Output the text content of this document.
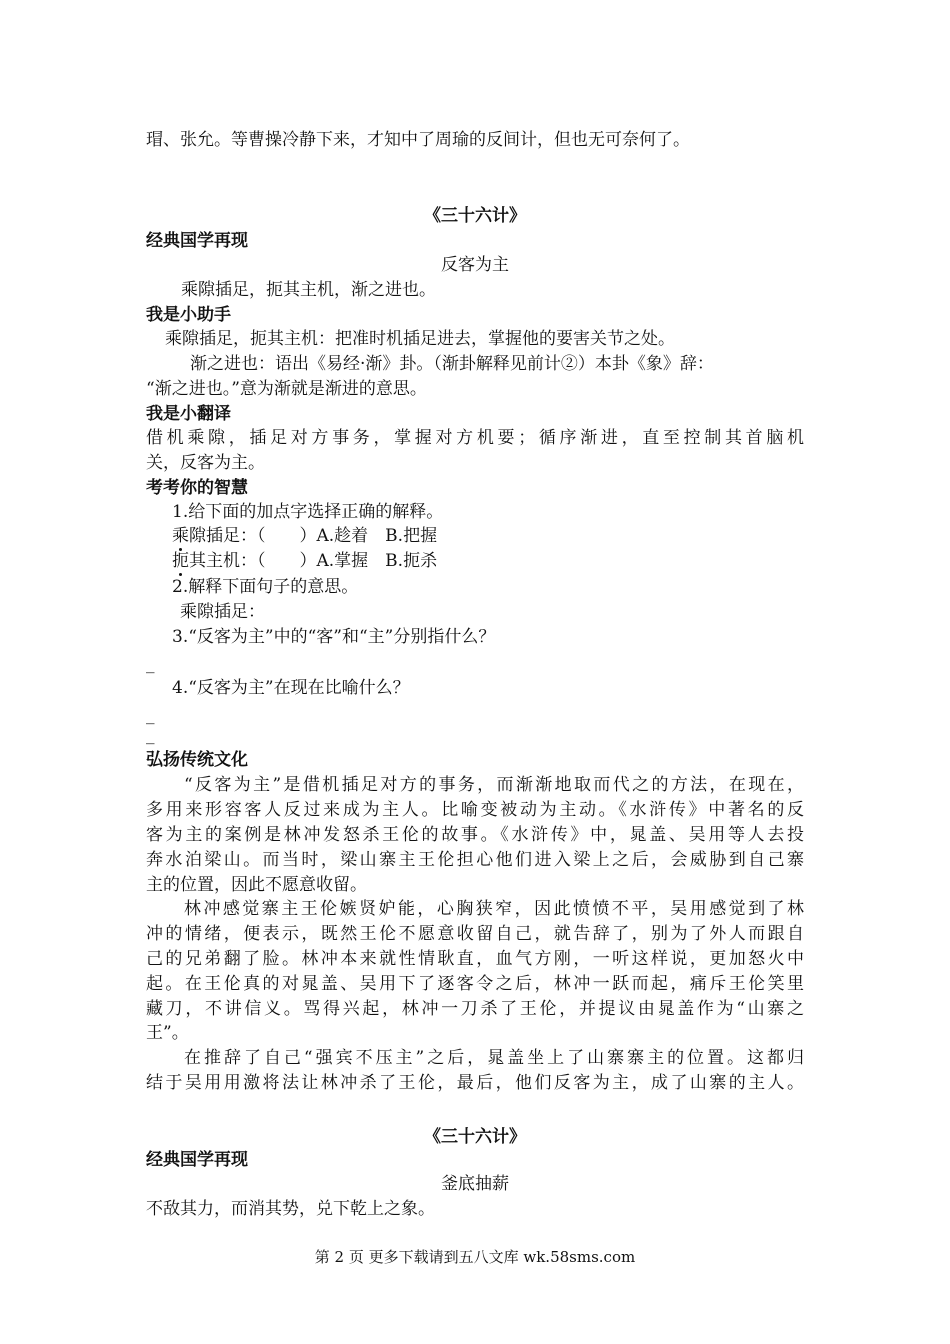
瑁、张允。等曹操冷静下来，才知中了周瑜的反间计，但也无可奈何了。
《三十六计》
经典国学再现
反客为主
乘隙插足，扼其主机，渐之进也。
我是小助手
乘隙插足，扼其主机：把准时机插足进去，掌握他的要害关节之处。
渐之进也：语出《易经·渐》卦。（渐卦解释见前计②）本卦《象》辞：
“渐之进也。”意为渐就是渐进的意思。
我是小翻译
借机乘隙，插足对方事务，掌握对方机要；循序渐进，直至控制其首脑机
关，反客为主。
考考你的智慧
1.给下面的加点字选择正确的解释。
乘隙插足：（　　）A.趁着　B.把握
扼其主机：（　　）A.掌握　B.扼杀
2.解释下面句子的意思。
乘隙插足：
3.“反客为主”中的“客”和“主”分别指什么？
_
4.“反客为主”在现在比喻什么？
_
_
弘扬传统文化
“反客为主”是借机插足对方的事务，而渐渐地取而代之的方法，在现在，
多用来形容客人反过来成为主人。比喻变被动为主动。《水浒传》中著名的反
客为主的案例是林冲发怒杀王伦的故事。《水浒传》中，晁盖、吴用等人去投
奔水泊梁山。而当时，梁山寨主王伦担心他们进入梁上之后，会威胁到自己寨
主的位置，因此不愿意收留。
林冲感觉寨主王伦嫉贤妒能，心胸狭窄，因此愤愤不平，吴用感觉到了林
冲的情绪，便表示，既然王伦不愿意收留自己，就告辞了，别为了外人而跟自
己的兄弟翻了脸。林冲本来就性情耿直，血气方刚，一听这样说，更加怒火中
起。在王伦真的对晁盖、吴用下了逐客令之后，林冲一跃而起，痛斥王伦笑里
藏刀，不讲信义。骂得兴起，林冲一刀杀了王伦，并提议由晁盖作为“山寨之
王”。
在推辞了自己“强宾不压主”之后，晁盖坐上了山寨寨主的位置。这都归
结于吴用用激将法让林冲杀了王伦，最后，他们反客为主，成了山寨的主人。
《三十六计》
经典国学再现
釜底抽薪
不敌其力，而消其势，兑下乾上之象。
第 2 页 更多下载请到五八文库 wk.58sms.com
